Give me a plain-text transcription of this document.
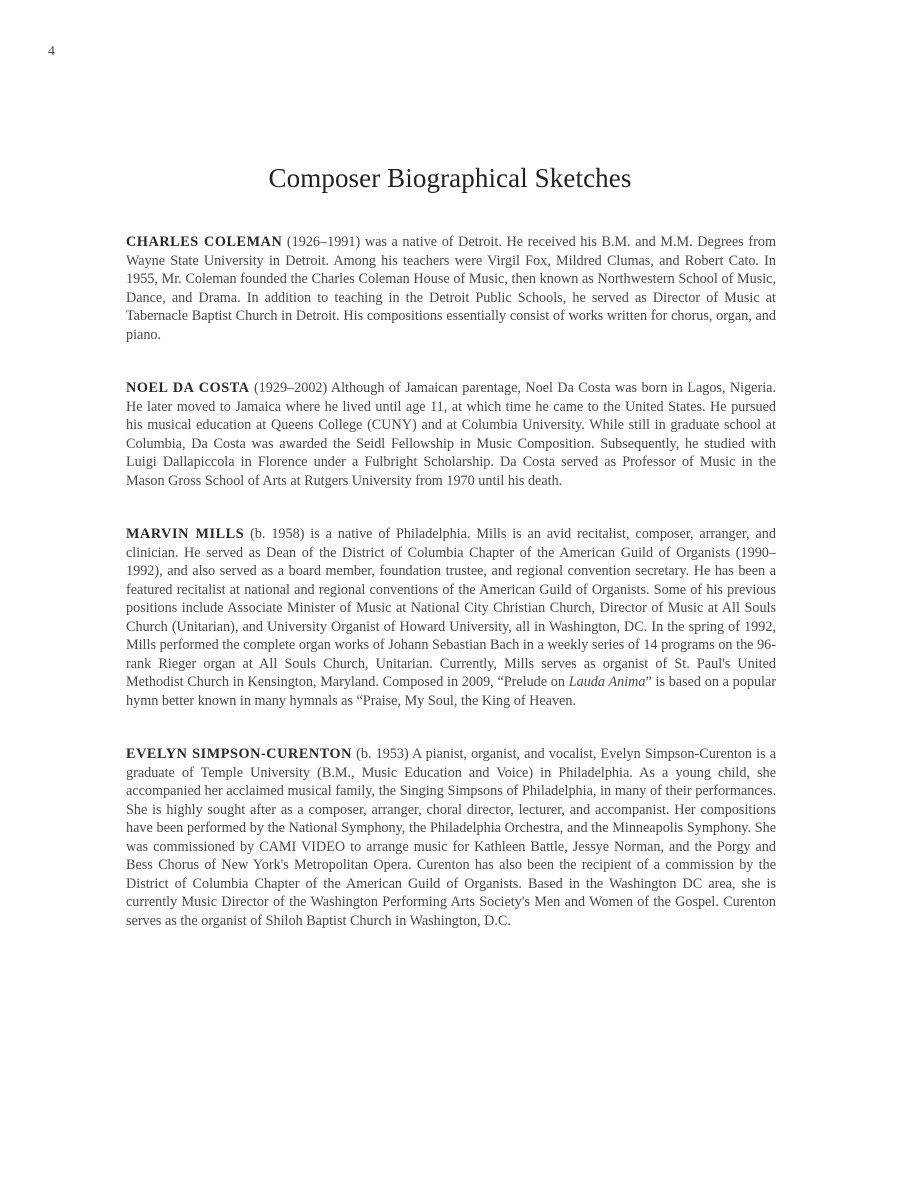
4
Composer Biographical Sketches

CHARLES COLEMAN (1926–1991) was a native of Detroit. He received his B.M. and M.M. Degrees from Wayne State University in Detroit. Among his teachers were Virgil Fox, Mildred Clumas, and Robert Cato. In 1955, Mr. Coleman founded the Charles Coleman House of Music, then known as Northwestern School of Music, Dance, and Drama. In addition to teaching in the Detroit Public Schools, he served as Director of Music at Tabernacle Baptist Church in Detroit. His compositions essentially consist of works written for chorus, organ, and piano.

NOEL DA COSTA (1929–2002) Although of Jamaican parentage, Noel Da Costa was born in Lagos, Nigeria. He later moved to Jamaica where he lived until age 11, at which time he came to the United States. He pursued his musical education at Queens College (CUNY) and at Columbia University. While still in graduate school at Columbia, Da Costa was awarded the Seidl Fellowship in Music Composition. Subsequently, he studied with Luigi Dallapiccola in Florence under a Fulbright Scholarship. Da Costa served as Professor of Music in the Mason Gross School of Arts at Rutgers University from 1970 until his death.

MARVIN MILLS (b. 1958) is a native of Philadelphia. Mills is an avid recitalist, composer, arranger, and clinician. He served as Dean of the District of Columbia Chapter of the American Guild of Organists (1990–1992), and also served as a board member, foundation trustee, and regional convention secretary. He has been a featured recitalist at national and regional conventions of the American Guild of Organists. Some of his previous positions include Associate Minister of Music at National City Christian Church, Director of Music at All Souls Church (Unitarian), and University Organist of Howard University, all in Washington, DC. In the spring of 1992, Mills performed the complete organ works of Johann Sebastian Bach in a weekly series of 14 programs on the 96-rank Rieger organ at All Souls Church, Unitarian. Currently, Mills serves as organist of St. Paul's United Methodist Church in Kensington, Maryland. Composed in 2009, “Prelude on Lauda Anima” is based on a popular hymn better known in many hymnals as “Praise, My Soul, the King of Heaven.

EVELYN SIMPSON-CURENTON (b. 1953) A pianist, organist, and vocalist, Evelyn Simpson-Curenton is a graduate of Temple University (B.M., Music Education and Voice) in Philadelphia. As a young child, she accompanied her acclaimed musical family, the Singing Simpsons of Philadelphia, in many of their performances. She is highly sought after as a composer, arranger, choral director, lecturer, and accompanist. Her compositions have been performed by the National Symphony, the Philadelphia Orchestra, and the Minneapolis Symphony. She was commissioned by CAMI VIDEO to arrange music for Kathleen Battle, Jessye Norman, and the Porgy and Bess Chorus of New York's Metropolitan Opera. Curenton has also been the recipient of a commission by the District of Columbia Chapter of the American Guild of Organists. Based in the Washington DC area, she is currently Music Director of the Washington Performing Arts Society's Men and Women of the Gospel. Curenton serves as the organist of Shiloh Baptist Church in Washington, D.C.
